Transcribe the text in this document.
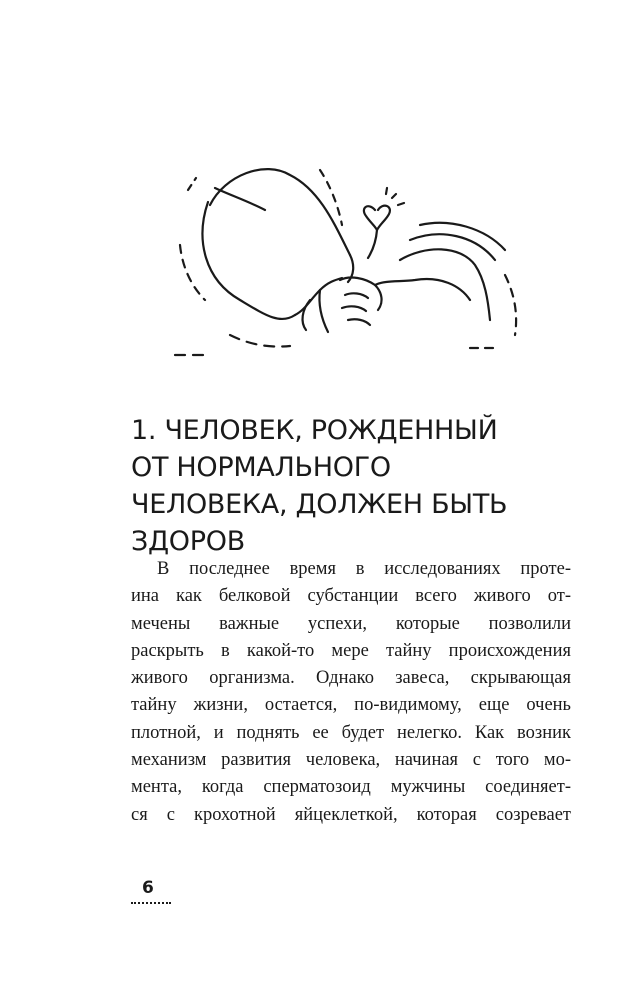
1. ЧЕЛОВЕК, РОЖДЕННЫЙ
ОТ НОРМАЛЬНОГО
ЧЕЛОВЕКА, ДОЛЖЕН БЫТЬ
ЗДОРОВ
В последнее время в исследованиях проте-
ина как белковой субстанции всего живого от-
мечены важные успехи, которые позволили
раскрыть в какой-то мере тайну происхождения
живого организма. Однако завеса, скрывающая
тайну жизни, остается, по-видимому, еще очень
плотной, и поднять ее будет нелегко. Как возник
механизм развития человека, начиная с того мо-
мента, когда сперматозоид мужчины соединяет-
ся с крохотной яйцеклеткой, которая созревает
6
